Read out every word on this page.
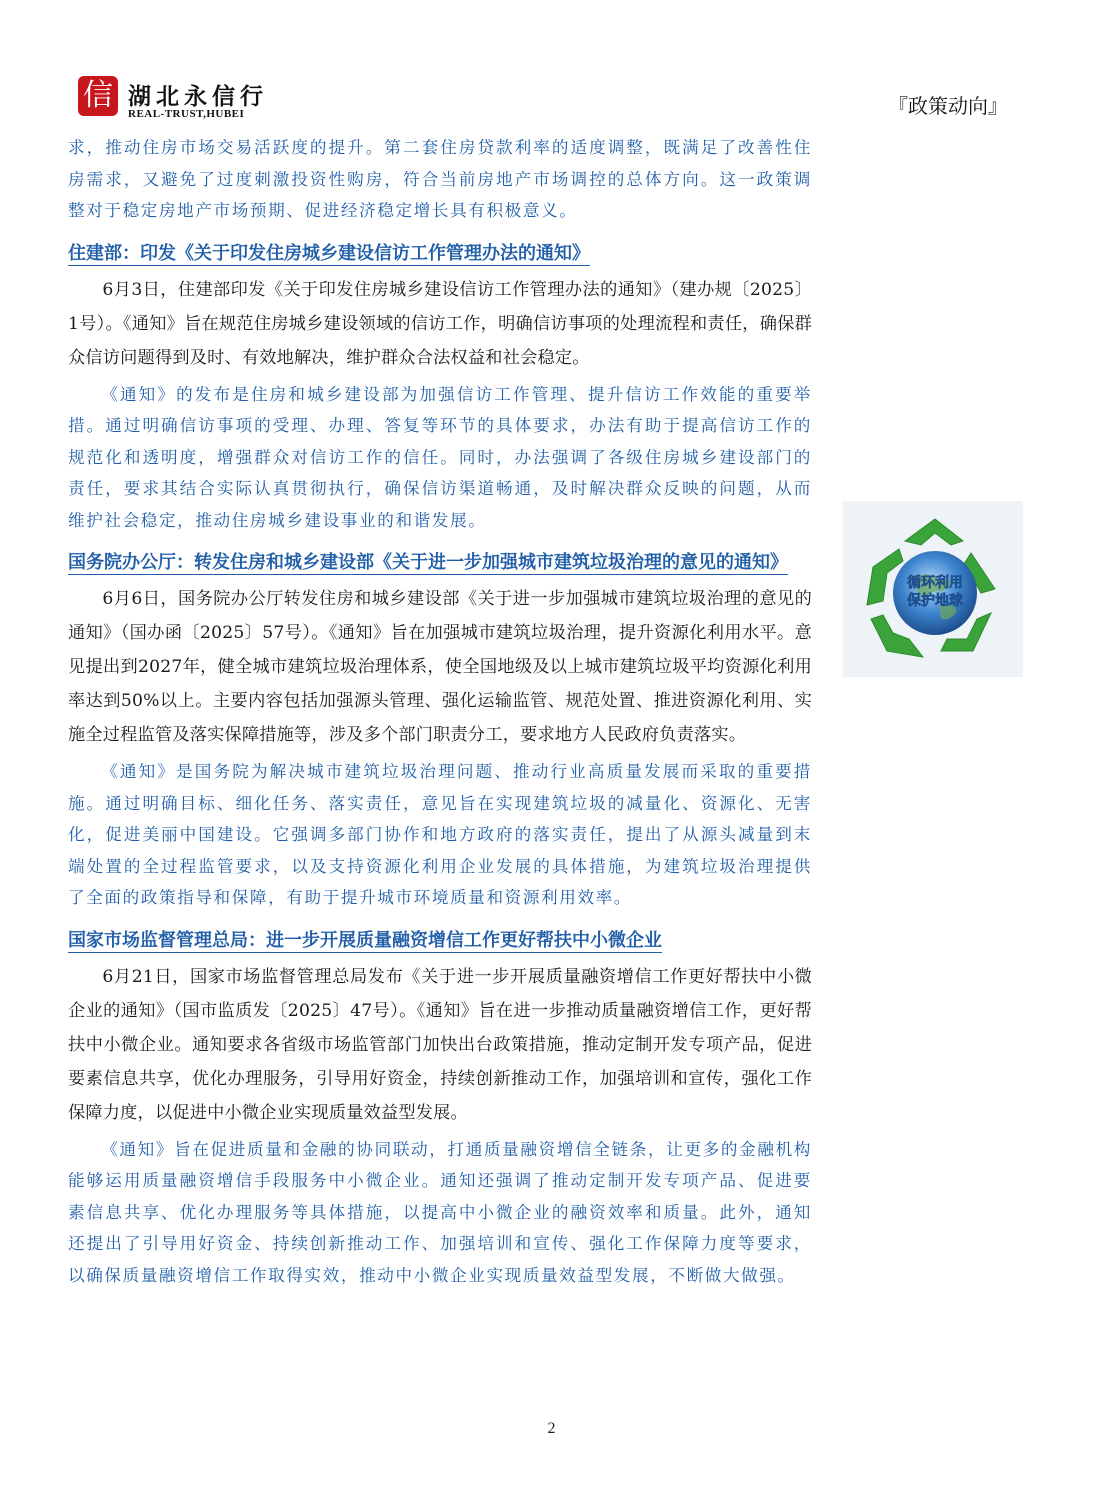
信 湖北永信行
REAL-TRUST,HUBEI	『政策动向』

求，推动住房市场交易活跃度的提升。第二套住房贷款利率的适度调整，既满足了改善性住房需求，又避免了过度刺激投资性购房，符合当前房地产市场调控的总体方向。这一政策调整对于稳定房地产市场预期、促进经济稳定增长具有积极意义。

住建部：印发《关于印发住房城乡建设信访工作管理办法的通知》

6月3日，住建部印发《关于印发住房城乡建设信访工作管理办法的通知》（建办规〔2025〕1号）。《通知》旨在规范住房城乡建设领域的信访工作，明确信访事项的处理流程和责任，确保群众信访问题得到及时、有效地解决，维护群众合法权益和社会稳定。

《通知》的发布是住房和城乡建设部为加强信访工作管理、提升信访工作效能的重要举措。通过明确信访事项的受理、办理、答复等环节的具体要求，办法有助于提高信访工作的规范化和透明度，增强群众对信访工作的信任。同时，办法强调了各级住房城乡建设部门的责任，要求其结合实际认真贯彻执行，确保信访渠道畅通，及时解决群众反映的问题，从而维护社会稳定，推动住房城乡建设事业的和谐发展。

国务院办公厅：转发住房和城乡建设部《关于进一步加强城市建筑垃圾治理的意见的通知》

6月6日，国务院办公厅转发住房和城乡建设部《关于进一步加强城市建筑垃圾治理的意见的通知》（国办函〔2025〕57号）。《通知》旨在加强城市建筑垃圾治理，提升资源化利用水平。意见提出到2027年，健全城市建筑垃圾治理体系，使全国地级及以上城市建筑垃圾平均资源化利用率达到50%以上。主要内容包括加强源头管理、强化运输监管、规范处置、推进资源化利用、实施全过程监管及落实保障措施等，涉及多个部门职责分工，要求地方人民政府负责落实。

《通知》是国务院为解决城市建筑垃圾治理问题、推动行业高质量发展而采取的重要措施。通过明确目标、细化任务、落实责任，意见旨在实现建筑垃圾的减量化、资源化、无害化，促进美丽中国建设。它强调多部门协作和地方政府的落实责任，提出了从源头减量到末端处置的全过程监管要求，以及支持资源化利用企业发展的具体措施，为建筑垃圾治理提供了全面的政策指导和保障，有助于提升城市环境质量和资源利用效率。

国家市场监督管理总局：进一步开展质量融资增信工作更好帮扶中小微企业

6月21日，国家市场监督管理总局发布《关于进一步开展质量融资增信工作更好帮扶中小微企业的通知》（国市监质发〔2025〕47号）。《通知》旨在进一步推动质量融资增信工作，更好帮扶中小微企业。通知要求各省级市场监管部门加快出台政策措施，推动定制开发专项产品，促进要素信息共享，优化办理服务，引导用好资金，持续创新推动工作，加强培训和宣传，强化工作保障力度，以促进中小微企业实现质量效益型发展。

《通知》旨在促进质量和金融的协同联动，打通质量融资增信全链条，让更多的金融机构能够运用质量融资增信手段服务中小微企业。通知还强调了推动定制开发专项产品、促进要素信息共享、优化办理服务等具体措施，以提高中小微企业的融资效率和质量。此外，通知还提出了引导用好资金、持续创新推动工作、加强培训和宣传、强化工作保障力度等要求，以确保质量融资增信工作取得实效，推动中小微企业实现质量效益型发展，不断做大做强。

循环利用
保护地球
2
